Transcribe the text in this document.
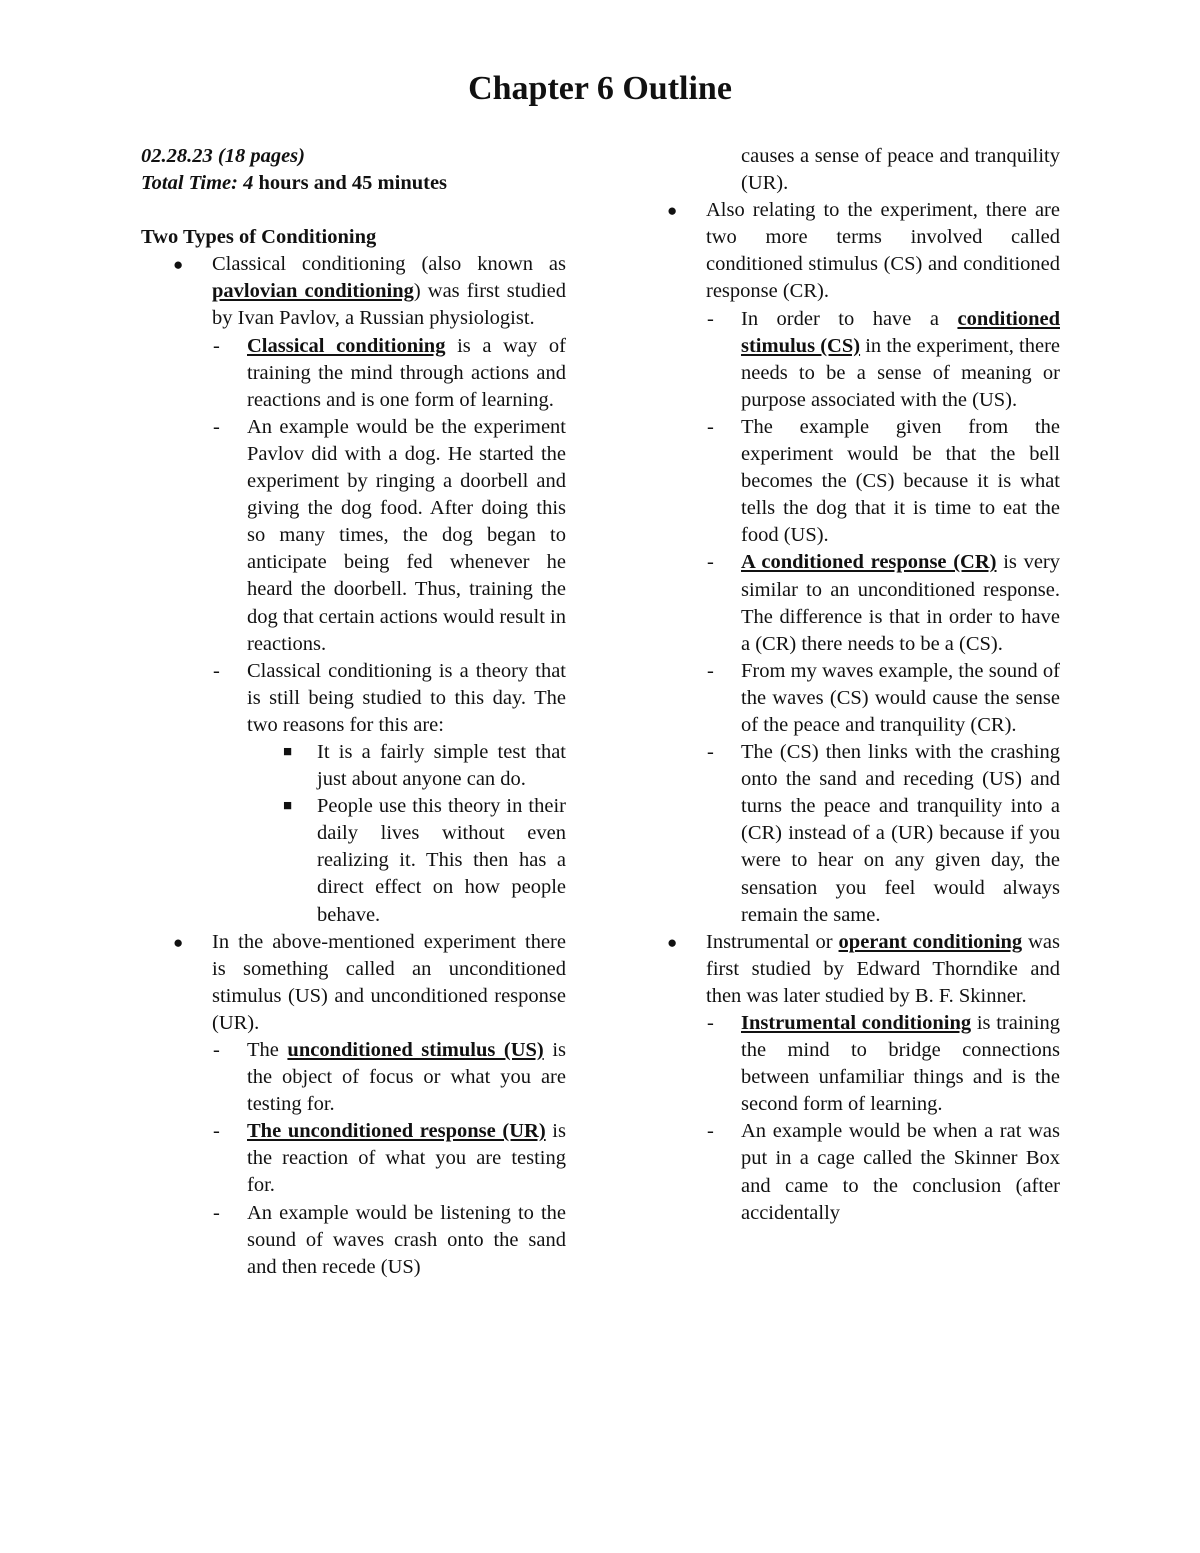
Chapter 6 Outline

02.28.23 (18 pages)

Total Time: 4 hours and 45 minutes

Two Types of Conditioning

● Classical conditioning (also known as pavlovian conditioning) was first studied by Ivan Pavlov, a Russian physiologist.

- Classical conditioning is a way of training the mind through actions and reactions and is one form of learning.

- An example would be the experiment Pavlov did with a dog. He started the experiment by ringing a doorbell and giving the dog food. After doing this so many times, the dog began to anticipate being fed whenever he heard the doorbell. Thus, training the dog that certain actions would result in reactions.

- Classical conditioning is a theory that is still being studied to this day. The two reasons for this are:

■ It is a fairly simple test that just about anyone can do.

■ People use this theory in their daily lives without even realizing it. This then has a direct effect on how people behave.

● In the above-mentioned experiment there is something called an unconditioned stimulus (US) and unconditioned response (UR).

- The unconditioned stimulus (US) is the object of focus or what you are testing for.

- The unconditioned response (UR) is the reaction of what you are testing for.

- An example would be listening to the sound of waves crash onto the sand and then recede (US)

causes a sense of peace and tranquility (UR).

● Also relating to the experiment, there are two more terms involved called conditioned stimulus (CS) and conditioned response (CR).

- In order to have a conditioned stimulus (CS) in the experiment, there needs to be a sense of meaning or purpose associated with the (US).

- The example given from the experiment would be that the bell becomes the (CS) because it is what tells the dog that it is time to eat the food (US).

- A conditioned response (CR) is very similar to an unconditioned response. The difference is that in order to have a (CR) there needs to be a (CS).

- From my waves example, the sound of the waves (CS) would cause the sense of the peace and tranquility (CR).

- The (CS) then links with the crashing onto the sand and receding (US) and turns the peace and tranquility into a (CR) instead of a (UR) because if you were to hear on any given day, the sensation you feel would always remain the same.

● Instrumental or operant conditioning was first studied by Edward Thorndike and then was later studied by B. F. Skinner.

- Instrumental conditioning is training the mind to bridge connections between unfamiliar things and is the second form of learning.

- An example would be when a rat was put in a cage called the Skinner Box and came to the conclusion (after accidentally
